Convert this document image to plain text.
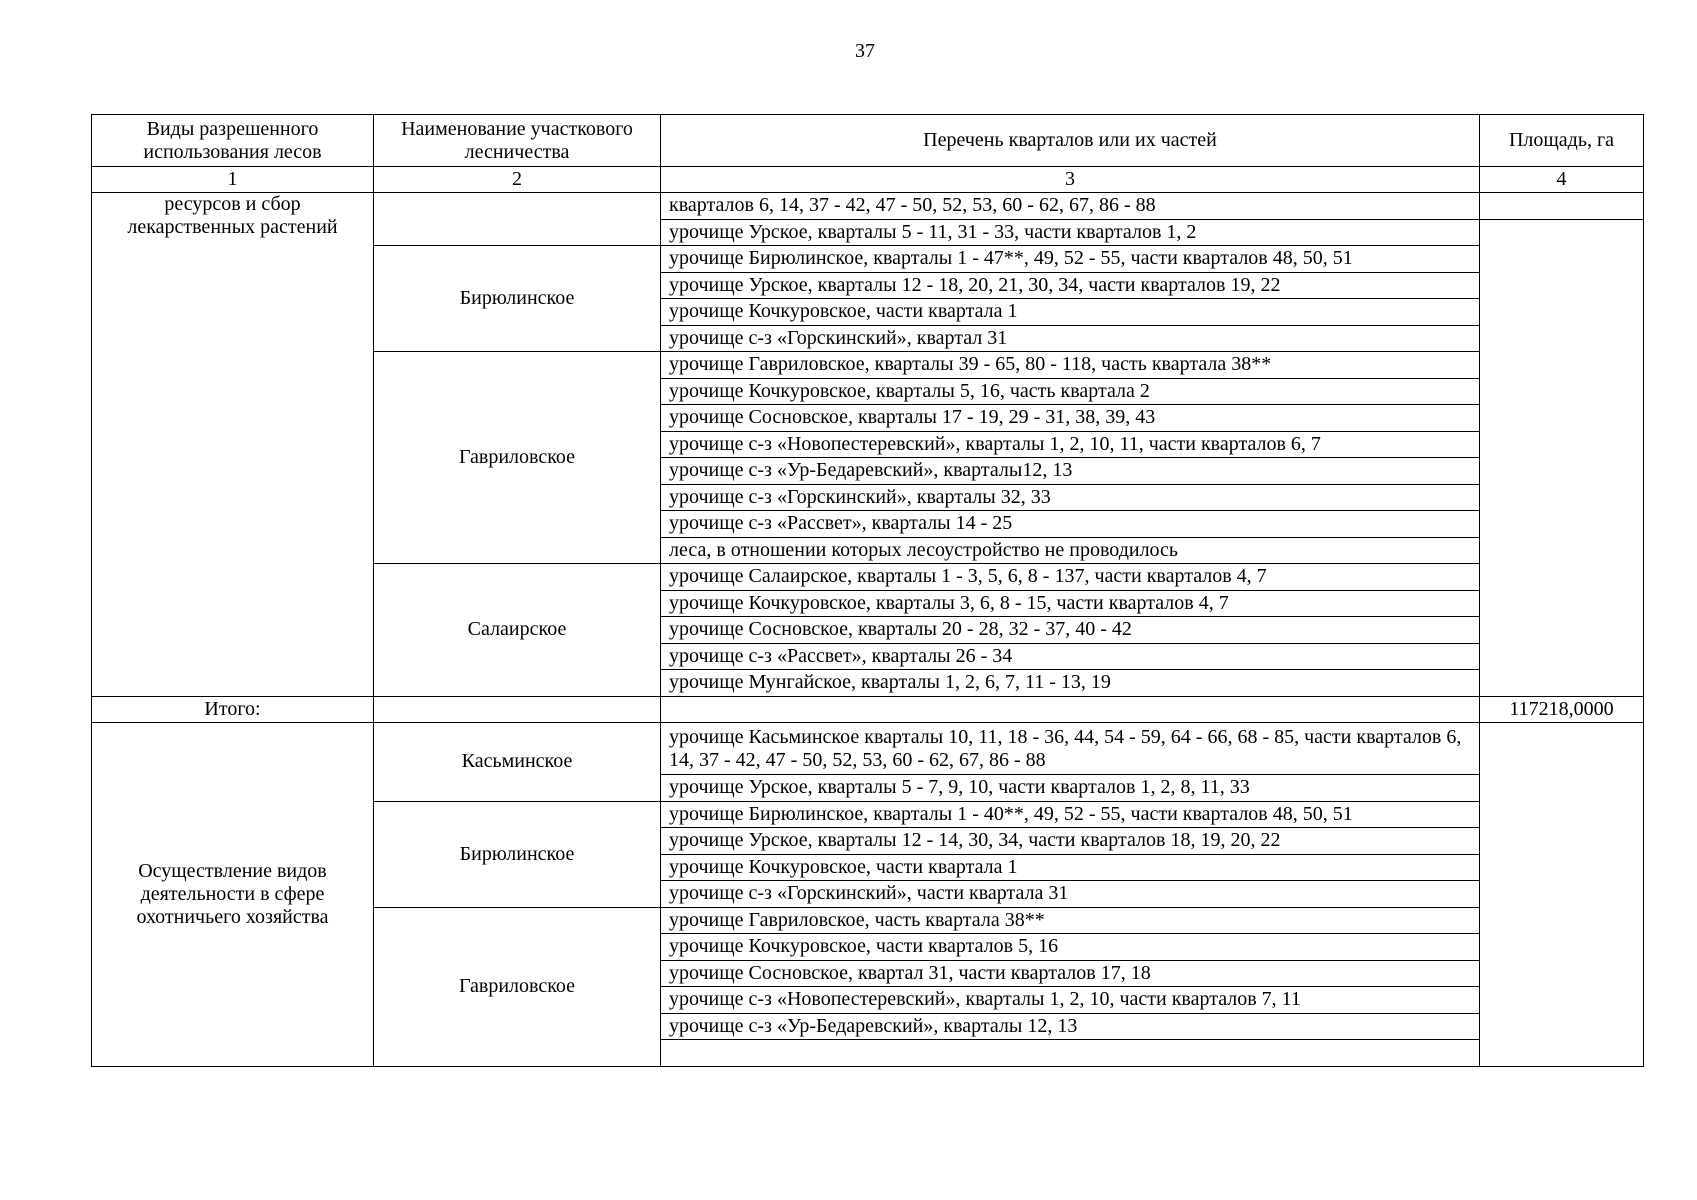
37
Виды разрешенного использования лесов	Наименование участкового лесничества	Перечень кварталов или их частей	Площадь, га
1	2	3	4
ресурсов и сбор лекарственных растений		кварталов 6, 14, 37 - 42, 47 - 50, 52, 53, 60 - 62, 67, 86 - 88	
		урочище Урское, кварталы 5 - 11, 31 - 33, части кварталов 1, 2	
	Бирюлинское	урочище Бирюлинское, кварталы 1 - 47**, 49, 52 - 55, части кварталов 48, 50, 51	
		урочище Урское, кварталы 12 - 18, 20, 21, 30, 34, части кварталов 19, 22	
		урочище Кочкуровское, части квартала 1	
		урочище с-з «Горскинский», квартал 31	
	Гавриловское	урочище Гавриловское, кварталы 39 - 65, 80 - 118, часть квартала 38**	
		урочище Кочкуровское, кварталы 5, 16, часть квартала 2	
		урочище Сосновское, кварталы 17 - 19, 29 - 31, 38, 39, 43	
		урочище с-з «Новопестеревский», кварталы 1, 2, 10, 11, части кварталов 6, 7	
		урочище с-з «Ур-Бедаревский», кварталы12, 13	
		урочище с-з «Горскинский», кварталы 32, 33	
		урочище с-з «Рассвет», кварталы 14 - 25	
		леса, в отношении которых лесоустройство не проводилось	
	Салаирское	урочище Салаирское, кварталы 1 - 3, 5, 6, 8 - 137, части кварталов 4, 7	
		урочище Кочкуровское, кварталы 3, 6, 8 - 15, части кварталов 4, 7	
		урочище Сосновское, кварталы 20 - 28, 32 - 37, 40 - 42	
		урочище с-з «Рассвет», кварталы 26 - 34	
		урочище Мунгайское, кварталы 1, 2, 6, 7, 11 - 13, 19	
Итого:			117218,0000
Осуществление видов деятельности в сфере охотничьего хозяйства	Касьминское	урочище Касьминское кварталы 10, 11, 18 - 36, 44, 54 - 59, 64 - 66, 68 - 85, части кварталов 6, 14, 37 - 42, 47 - 50, 52, 53, 60 - 62, 67, 86 - 88	
		урочище Урское, кварталы 5 - 7, 9, 10, части кварталов 1, 2, 8, 11, 33	
	Бирюлинское	урочище Бирюлинское, кварталы 1 - 40**, 49, 52 - 55, части кварталов 48, 50, 51	
		урочище Урское, кварталы 12 - 14, 30, 34, части кварталов 18, 19, 20, 22	
		урочище Кочкуровское, части квартала 1	
		урочище с-з «Горскинский», части квартала 31	
	Гавриловское	урочище Гавриловское, часть квартала 38**	
		урочище Кочкуровское, части кварталов 5, 16	
		урочище Сосновское, квартал 31, части кварталов 17, 18	
		урочище с-з «Новопестеревский», кварталы 1, 2, 10, части кварталов 7, 11	
		урочище с-з «Ур-Бедаревский», кварталы 12, 13	
